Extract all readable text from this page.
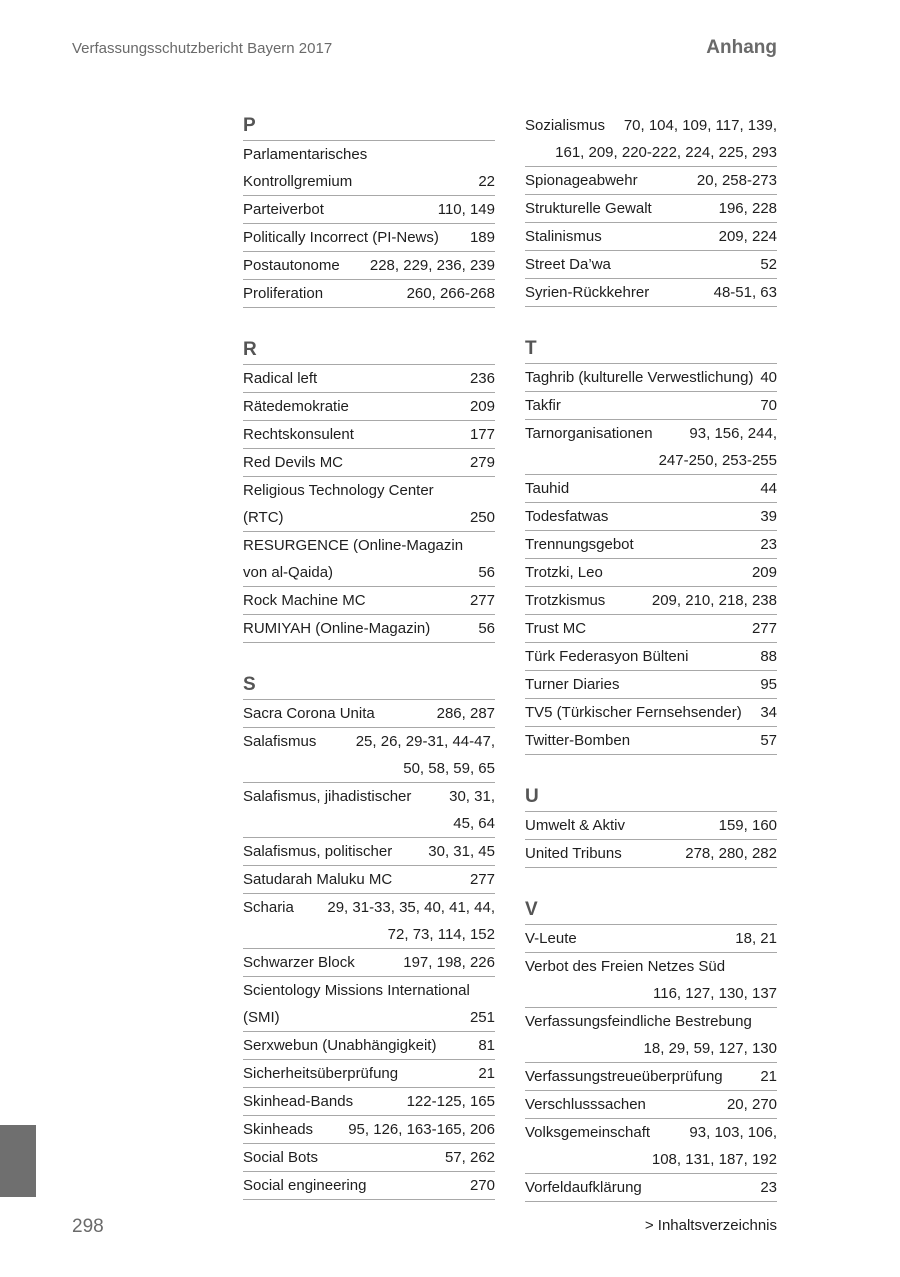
Verfassungsschutzbericht Bayern 2017	Anhang
P
Parlamentarisches
Kontrollgremium	22
Parteiverbot	110, 149
Politically Incorrect (PI-News) 189
Postautonome 228, 229, 236, 239
Proliferation	260, 266-268
R
Radical left	236
Rätedemokratie	209
Rechtskonsulent	177
Red Devils MC	279
Religious Technology Center
(RTC)	250
RESURGENCE (Online-Magazin
von al-Qaida)	56
Rock Machine MC	277
RUMIYAH (Online-Magazin)	56
S
Sacra Corona Unita	286, 287
Salafismus	25, 26, 29-31, 44-47,
50, 58, 59, 65
Salafismus, jihadistischer	30, 31,
45, 64
Salafismus, politischer 30, 31, 45
Satudarah Maluku MC	277
Scharia 29, 31-33, 35, 40, 41, 44,
72, 73, 114, 152
Schwarzer Block	197, 198, 226
Scientology Missions International
(SMI)	251
Serxwebun (Unabhängigkeit)	81
Sicherheitsüberprüfung	21
Skinhead-Bands	122-125, 165
Skinheads 95, 126, 163-165, 206
Social Bots	57, 262
Social engineering	270
Sozialismus 70, 104, 109, 117, 139,
161, 209, 220-222, 224, 225, 293
Spionageabwehr	20, 258-273
Strukturelle Gewalt	196, 228
Stalinismus	209, 224
Street Da’wa	52
Syrien-Rückkehrer	48-51, 63
T
Taghrib (kulturelle Verwestlichung) 40
Takfir	70
Tarnorganisationen 93, 156, 244,
247-250, 253-255
Tauhid	44
Todesfatwas	39
Trennungsgebot	23
Trotzki, Leo	209
Trotzkismus	209, 210, 218, 238
Trust MC	277
Türk Federasyon Bülteni	88
Turner Diaries	95
TV5 (Türkischer Fernsehsender) 34
Twitter-Bomben	57
U
Umwelt & Aktiv	159, 160
United Tribuns	278, 280, 282
V
V-Leute	18, 21
Verbot des Freien Netzes Süd
116, 127, 130, 137
Verfassungsfeindliche Bestrebung
18, 29, 59, 127, 130
Verfassungstreueüberprüfung	21
Verschlusssachen	20, 270
Volksgemeinschaft	93, 103, 106,
108, 131, 187, 192
Vorfeldaufklärung	23
298	> Inhaltsverzeichnis
